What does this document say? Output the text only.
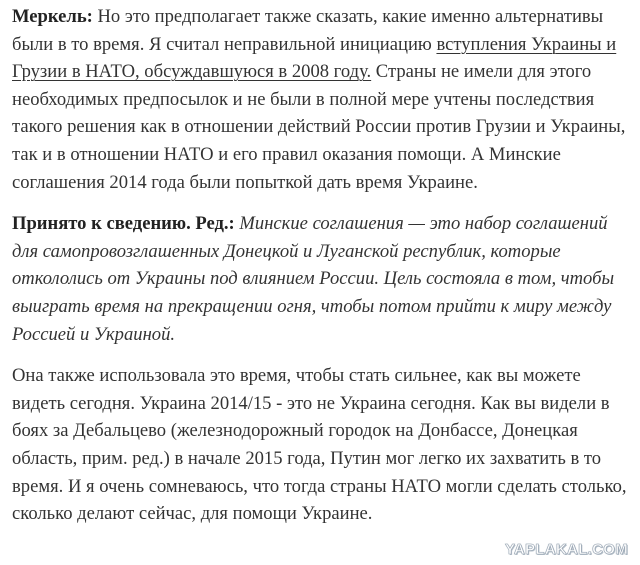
Меркель: Но это предполагает также сказать, какие именно альтернативы были в то время. Я считал неправильной инициацию вступления Украины и Грузии в НАТО, обсуждавшуюся в 2008 году. Страны не имели для этого необходимых предпосылок и не были в полной мере учтены последствия такого решения как в отношении действий России против Грузии и Украины, так и в отношении НАТО и его правил оказания помощи. А Минские соглашения 2014 года были попыткой дать время Украине.

Принято к сведению. Ред.: Минские соглашения — это набор соглашений для самопровозглашенных Донецкой и Луганской республик, которые откололись от Украины под влиянием России. Цель состояла в том, чтобы выиграть время на прекращении огня, чтобы потом прийти к миру между Россией и Украиной.

Она также использовала это время, чтобы стать сильнее, как вы можете видеть сегодня. Украина 2014/15 - это не Украина сегодня. Как вы видели в боях за Дебальцево (железнодорожный городок на Донбассе, Донецкая область, прим. ред.) в начале 2015 года, Путин мог легко их захватить в то время. И я очень сомневаюсь, что тогда страны НАТО могли сделать столько, сколько делают сейчас, для помощи Украине.

YAPLAKAL.COM
